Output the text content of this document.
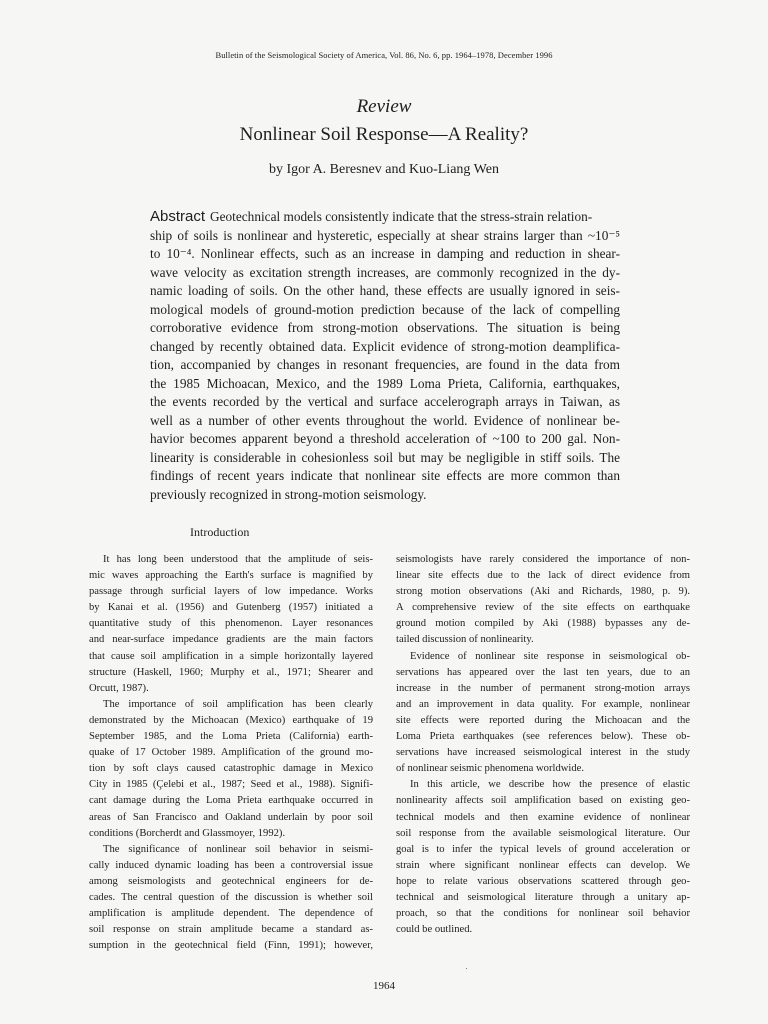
Bulletin of the Seismological Society of America, Vol. 86, No. 6, pp. 1964–1978, December 1996
Review
Nonlinear Soil Response—A Reality?
by Igor A. Beresnev and Kuo-Liang Wen
Abstract Geotechnical models consistently indicate that the stress-strain relation-
ship of soils is nonlinear and hysteretic, especially at shear strains larger than ~10⁻⁵
to 10⁻⁴. Nonlinear effects, such as an increase in damping and reduction in shear-
wave velocity as excitation strength increases, are commonly recognized in the dy-
namic loading of soils. On the other hand, these effects are usually ignored in seis-
mological models of ground-motion prediction because of the lack of compelling
corroborative evidence from strong-motion observations. The situation is being
changed by recently obtained data. Explicit evidence of strong-motion deamplifica-
tion, accompanied by changes in resonant frequencies, are found in the data from
the 1985 Michoacan, Mexico, and the 1989 Loma Prieta, California, earthquakes,
the events recorded by the vertical and surface accelerograph arrays in Taiwan, as
well as a number of other events throughout the world. Evidence of nonlinear be-
havior becomes apparent beyond a threshold acceleration of ~100 to 200 gal. Non-
linearity is considerable in cohesionless soil but may be negligible in stiff soils. The
findings of recent years indicate that nonlinear site effects are more common than
previously recognized in strong-motion seismology.
Introduction
It has long been understood that the amplitude of seis-
mic waves approaching the Earth's surface is magnified by
passage through surficial layers of low impedance. Works
by Kanai et al. (1956) and Gutenberg (1957) initiated a
quantitative study of this phenomenon. Layer resonances
and near-surface impedance gradients are the main factors
that cause soil amplification in a simple horizontally layered
structure (Haskell, 1960; Murphy et al., 1971; Shearer and
Orcutt, 1987).
The importance of soil amplification has been clearly
demonstrated by the Michoacan (Mexico) earthquake of 19
September 1985, and the Loma Prieta (California) earth-
quake of 17 October 1989. Amplification of the ground mo-
tion by soft clays caused catastrophic damage in Mexico
City in 1985 (Çelebi et al., 1987; Seed et al., 1988). Signifi-
cant damage during the Loma Prieta earthquake occurred in
areas of San Francisco and Oakland underlain by poor soil
conditions (Borcherdt and Glassmoyer, 1992).
The significance of nonlinear soil behavior in seismi-
cally induced dynamic loading has been a controversial issue
among seismologists and geotechnical engineers for de-
cades. The central question of the discussion is whether soil
amplification is amplitude dependent. The dependence of
soil response on strain amplitude became a standard as-
sumption in the geotechnical field (Finn, 1991); however,
seismologists have rarely considered the importance of non-
linear site effects due to the lack of direct evidence from
strong motion observations (Aki and Richards, 1980, p. 9).
A comprehensive review of the site effects on earthquake
ground motion compiled by Aki (1988) bypasses any de-
tailed discussion of nonlinearity.
Evidence of nonlinear site response in seismological ob-
servations has appeared over the last ten years, due to an
increase in the number of permanent strong-motion arrays
and an improvement in data quality. For example, nonlinear
site effects were reported during the Michoacan and the
Loma Prieta earthquakes (see references below). These ob-
servations have increased seismological interest in the study
of nonlinear seismic phenomena worldwide.
In this article, we describe how the presence of elastic
nonlinearity affects soil amplification based on existing geo-
technical models and then examine evidence of nonlinear
soil response from the available seismological literature. Our
goal is to infer the typical levels of ground acceleration or
strain where significant nonlinear effects can develop. We
hope to relate various observations scattered through geo-
technical and seismological literature through a unitary ap-
proach, so that the conditions for nonlinear soil behavior
could be outlined.
1964
